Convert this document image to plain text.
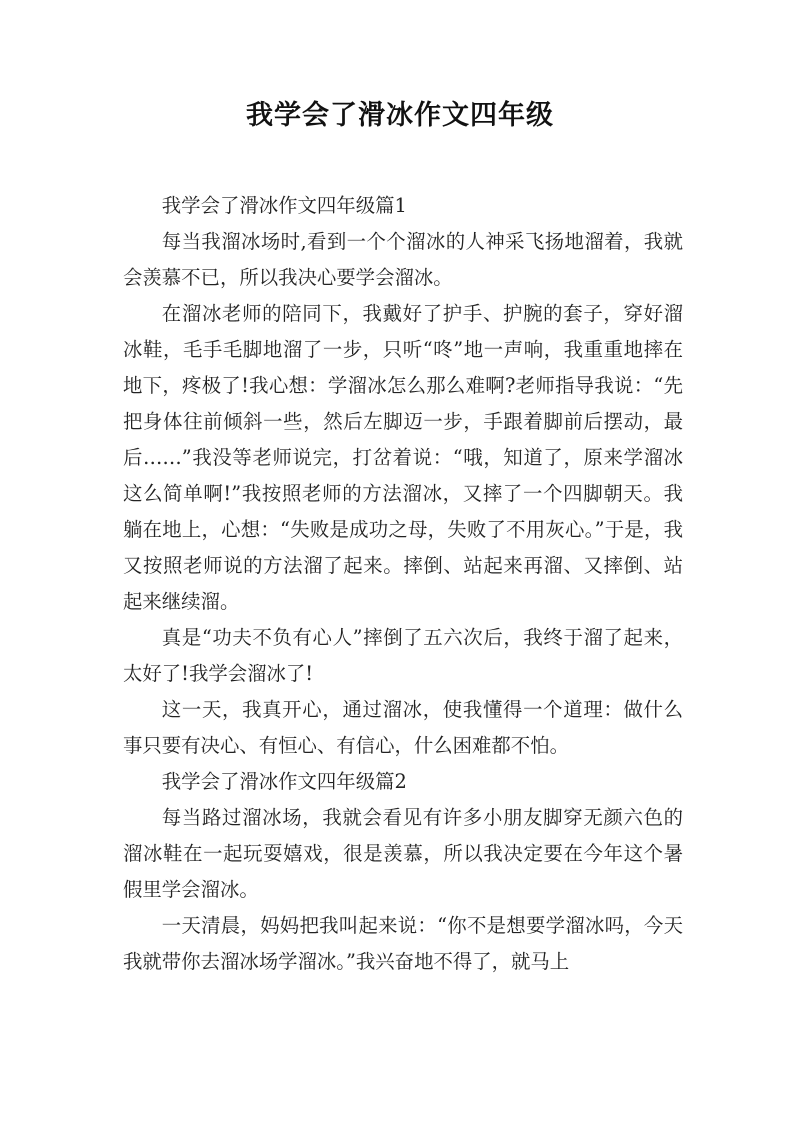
我学会了滑冰作文四年级

我学会了滑冰作文四年级篇1

每当我溜冰场时,看到一个个溜冰的人神采飞扬地溜着，我就会羡慕不已，所以我决心要学会溜冰。

在溜冰老师的陪同下，我戴好了护手、护腕的套子，穿好溜冰鞋，毛手毛脚地溜了一步，只听“咚”地一声响，我重重地摔在地下，疼极了!我心想：学溜冰怎么那么难啊?老师指导我说：“先把身体往前倾斜一些，然后左脚迈一步，手跟着脚前后摆动，最后……”我没等老师说完，打岔着说：“哦，知道了，原来学溜冰这么简单啊!”我按照老师的方法溜冰，又摔了一个四脚朝天。我躺在地上，心想：“失败是成功之母，失败了不用灰心。”于是，我又按照老师说的方法溜了起来。摔倒、站起来再溜、又摔倒、站起来继续溜。

真是“功夫不负有心人”摔倒了五六次后，我终于溜了起来，太好了!我学会溜冰了!

这一天，我真开心，通过溜冰，使我懂得一个道理：做什么事只要有决心、有恒心、有信心，什么困难都不怕。

我学会了滑冰作文四年级篇2

每当路过溜冰场，我就会看见有许多小朋友脚穿无颜六色的溜冰鞋在一起玩耍嬉戏，很是羡慕，所以我决定要在今年这个暑假里学会溜冰。

一天清晨，妈妈把我叫起来说：“你不是想要学溜冰吗，今天我就带你去溜冰场学溜冰。”我兴奋地不得了，就马上
